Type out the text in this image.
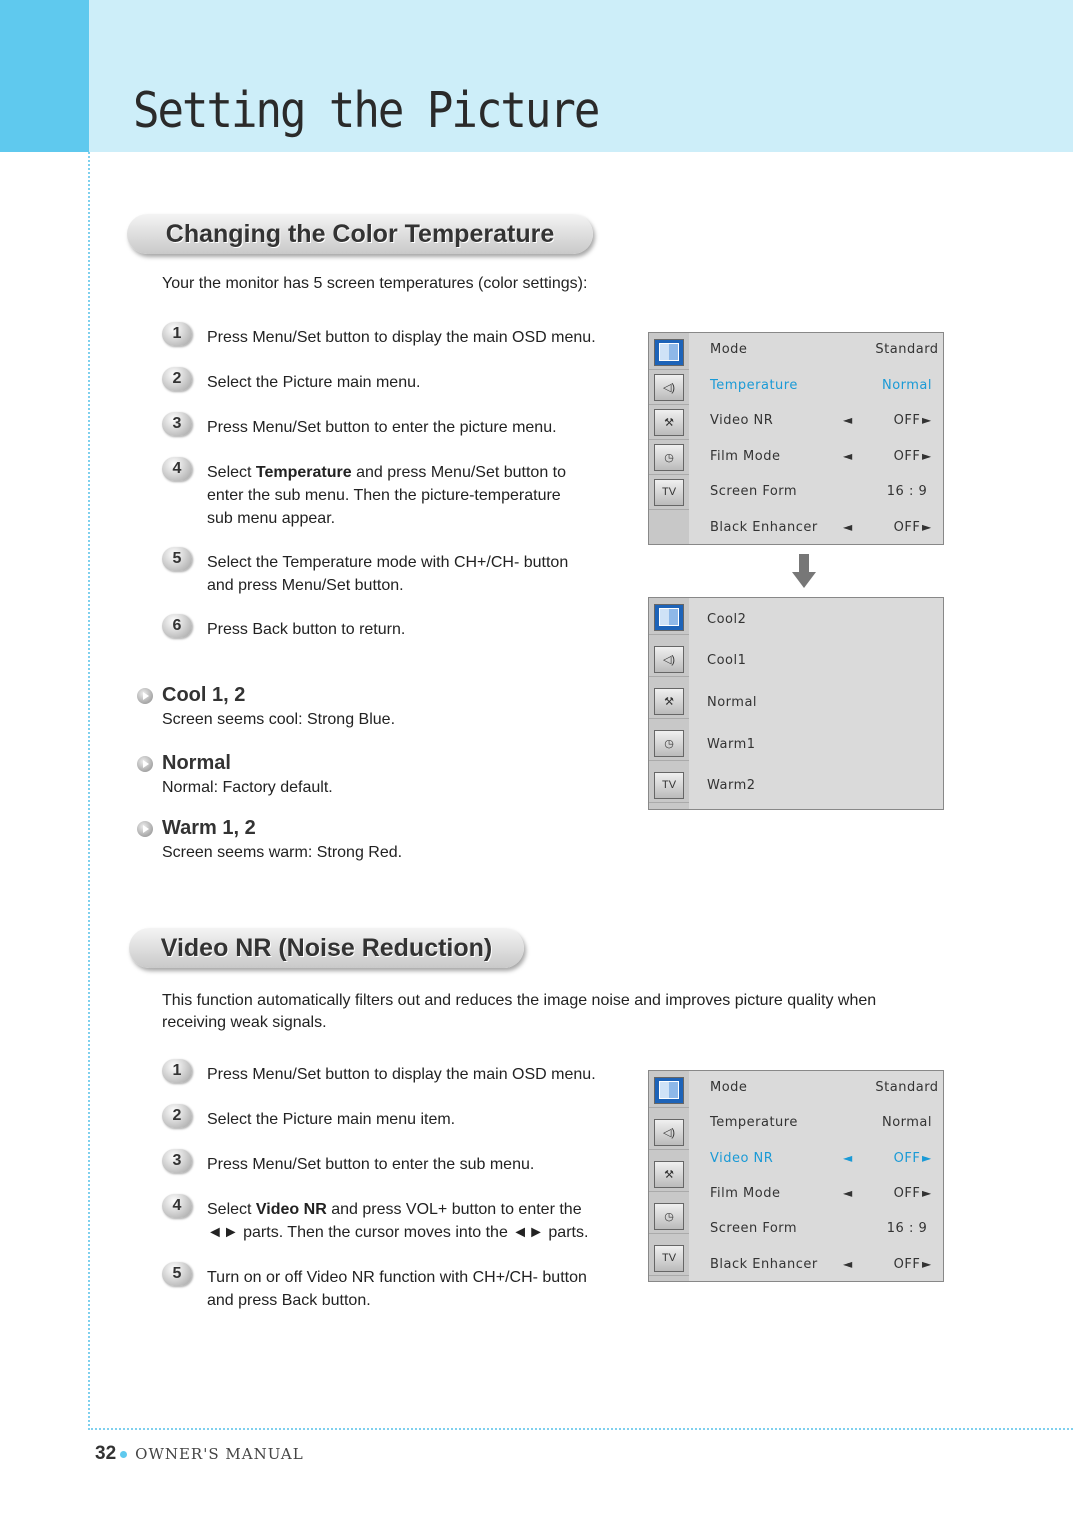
Setting the Picture
Changing the Color Temperature
Your the monitor has 5 screen temperatures (color settings):
1	Press Menu/Set button to display the main OSD menu.
2	Select the Picture main menu.
3	Press Menu/Set button to enter the picture menu.
4	Select Temperature and press Menu/Set button to enter the sub menu. Then the picture-temperature sub menu appear.
5	Select the Temperature mode with CH+/CH- button and press Menu/Set button.
6	Press Back button to return.
Cool 1, 2
Screen seems cool: Strong Blue.
Normal
Normal: Factory default.
Warm 1, 2
Screen seems warm: Strong Red.
◁)
⚒
◷
TV
Mode	Standard
Temperature	Normal
Video NR	◄	OFF ►
Film Mode	◄	OFF ►
Screen Form	16 : 9
Black Enhancer ◄	OFF ►
◁)
⚒
◷
TV
Cool2
Cool1
Normal
Warm1
Warm2
Video NR (Noise Reduction)
This function automatically filters out and reduces the image noise and improves picture quality when
receiving weak signals.
1	Press Menu/Set button to display the main OSD menu.
2	Select the Picture main menu item.
3	Press Menu/Set button to enter the sub menu.
4	Select Video NR and press VOL+ button to enter the ◄► parts. Then the cursor moves into the ◄► parts.
5	Turn on or off Video NR function with CH+/CH- button and press Back button.
◁)
⚒
◷
TV
Mode	Standard
Temperature	Normal
Video NR	◄	OFF ►
Film Mode	◄	OFF ►
Screen Form	16 : 9
Black Enhancer ◄	OFF ►
32 OWNER'S MANUAL
